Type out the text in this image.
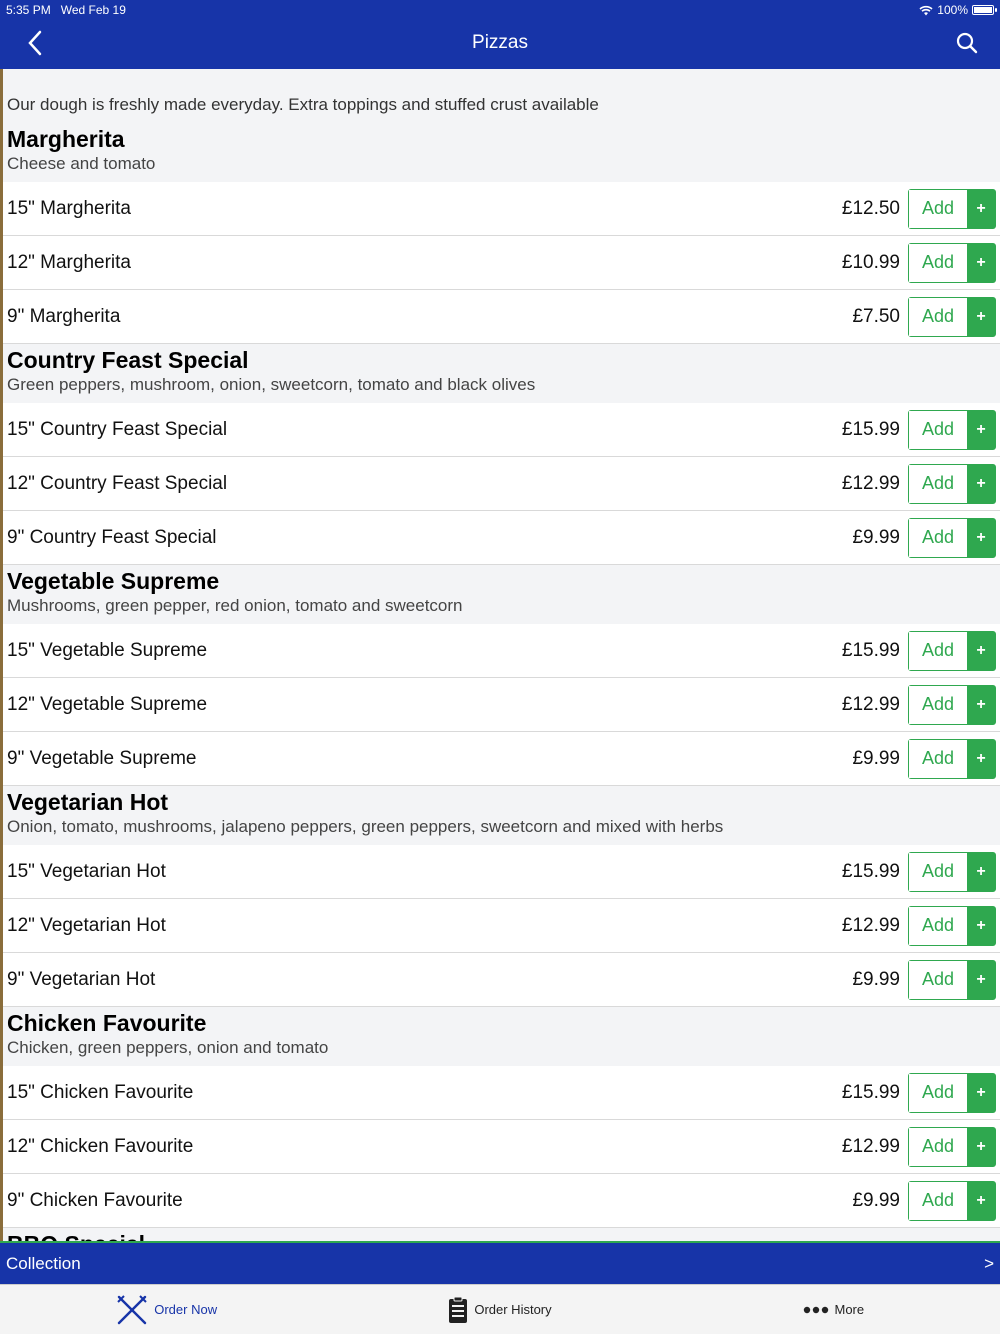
5:35 PM Wed Feb 19	100%
Pizzas
Our dough is freshly made everyday. Extra toppings and stuffed crust available
Margherita
Cheese and tomato
15" Margherita	£12.50	Add	+
12" Margherita	£10.99	Add	+
9" Margherita	£7.50	Add	+
Country Feast Special
Green peppers, mushroom, onion, sweetcorn, tomato and black olives
15" Country Feast Special	£15.99	Add	+
12" Country Feast Special	£12.99	Add	+
9" Country Feast Special	£9.99	Add	+
Vegetable Supreme
Mushrooms, green pepper, red onion, tomato and sweetcorn
15" Vegetable Supreme	£15.99	Add	+
12" Vegetable Supreme	£12.99	Add	+
9" Vegetable Supreme	£9.99	Add	+
Vegetarian Hot
Onion, tomato, mushrooms, jalapeno peppers, green peppers, sweetcorn and mixed with herbs
15" Vegetarian Hot	£15.99	Add	+
12" Vegetarian Hot	£12.99	Add	+
9" Vegetarian Hot	£9.99	Add	+
Chicken Favourite
Chicken, green peppers, onion and tomato
15" Chicken Favourite	£15.99	Add	+
12" Chicken Favourite	£12.99	Add	+
9" Chicken Favourite	£9.99	Add	+
Collection	>
Order Now	Order History	More
